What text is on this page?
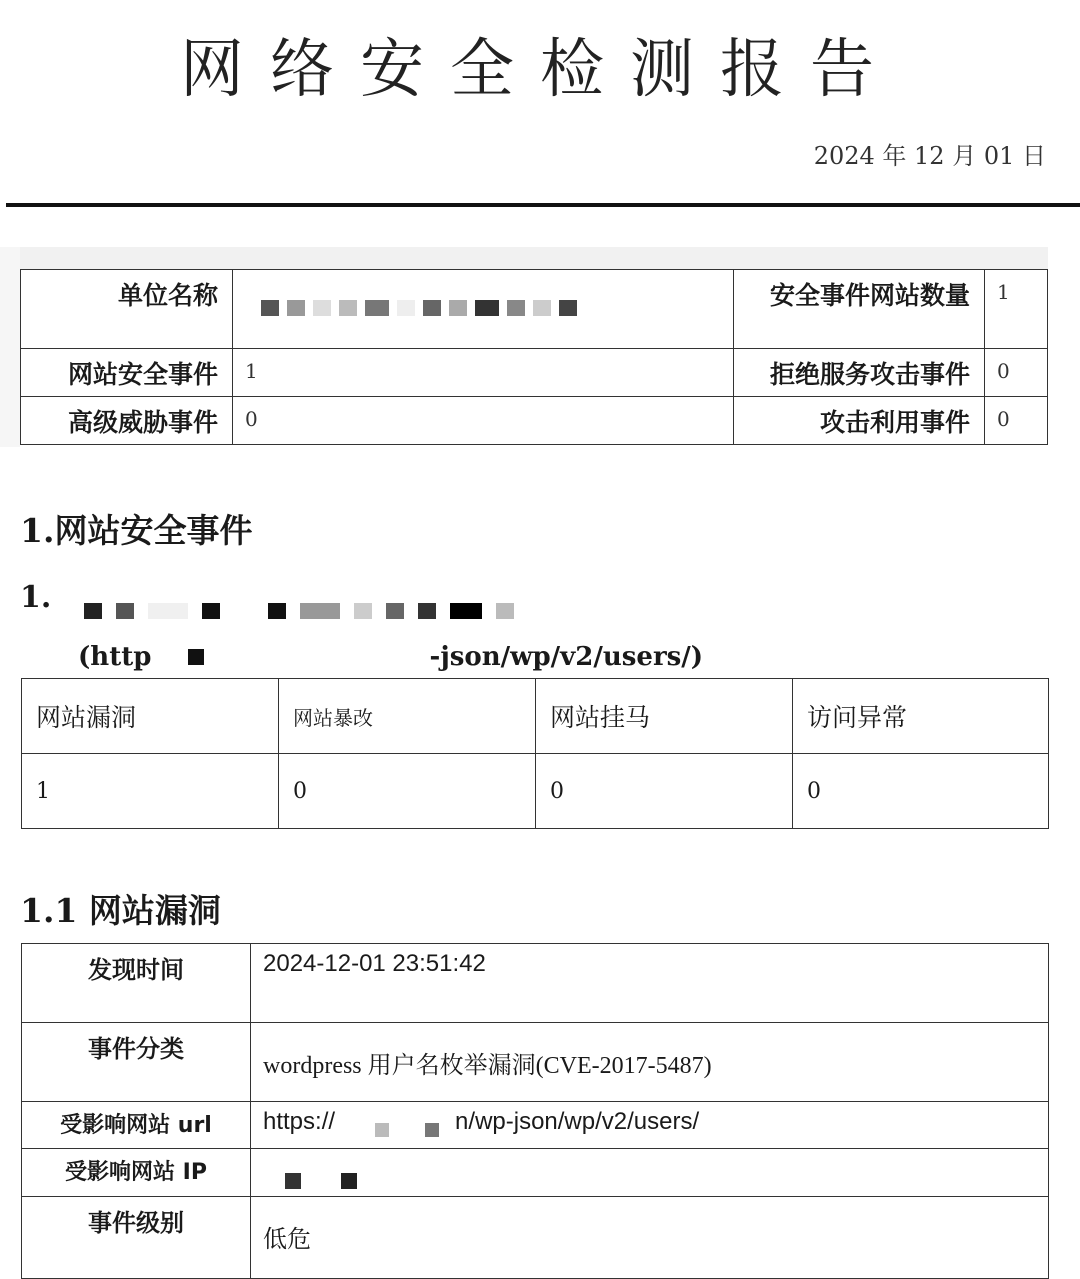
网络安全检测报告
2024 年 12 月 01 日
单位名称		安全事件网站数量	1
网站安全事件	1	拒绝服务攻击事件	0
高级威胁事件	0	攻击利用事件	0
1.网站安全事件
1.
(http	-json/wp/v2/users/)
网站漏洞	网站暴改	网站挂马	访问异常
1	0	0	0
1.1 网站漏洞
发现时间	2024-12-01 23:51:42
事件分类	wordpress 用户名枚举漏洞(CVE-2017-5487)
受影响网站 url	https:// n/wp-json/wp/v2/users/
受影响网站 IP	
事件级别	低危
